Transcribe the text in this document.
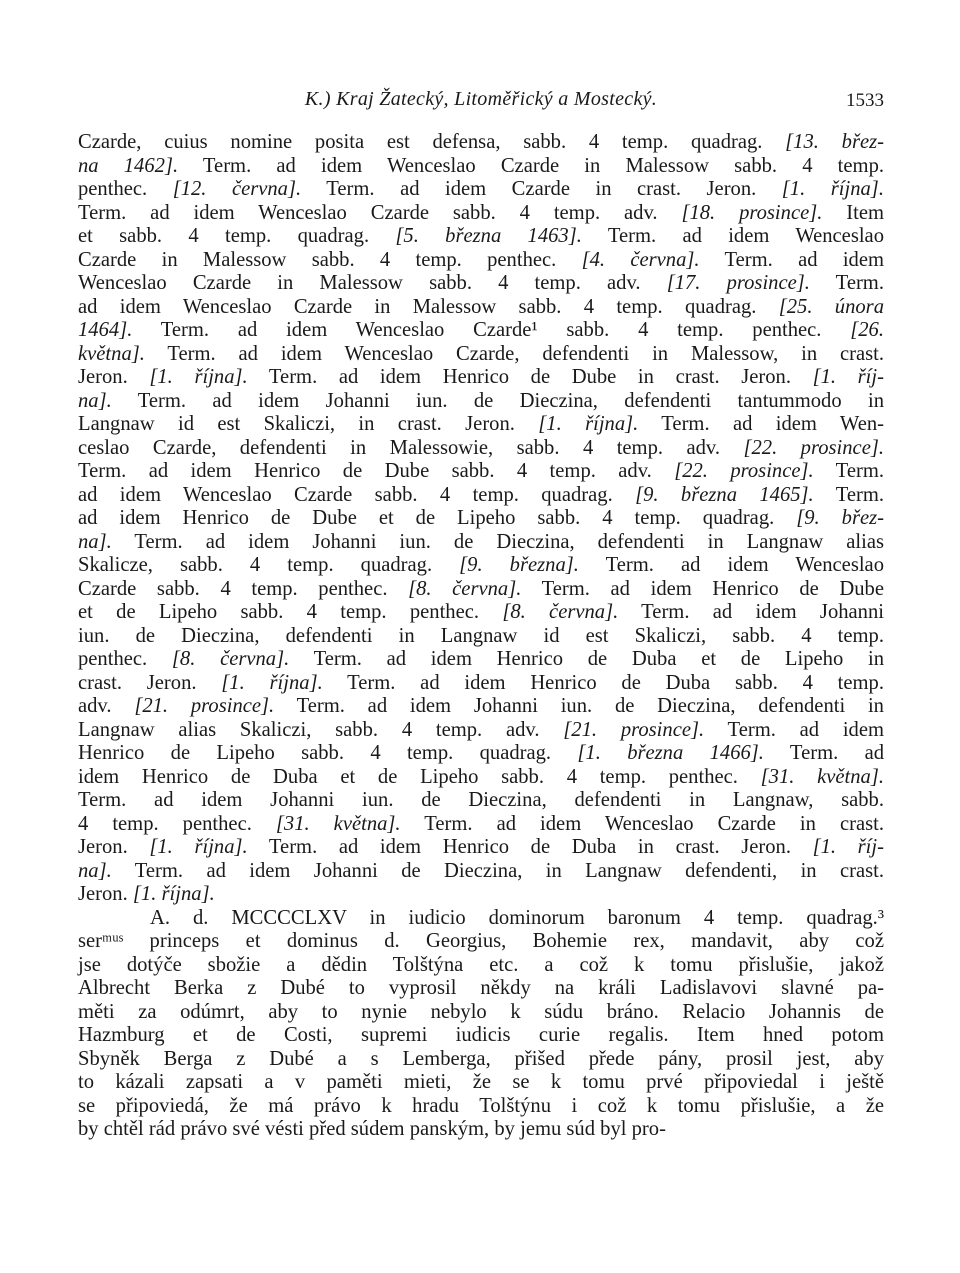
K.) Kraj Žatecký, Litoměřický a Mostecký.	1533
Czarde, cuius nomine posita est defensa, sabb. 4 temp. quadrag. [13. břez-
na 1462]. Term. ad idem Wenceslao Czarde in Malessow sabb. 4 temp.
penthec. [12. června]. Term. ad idem Czarde in crast. Jeron. [1. října].
Term. ad idem Wenceslao Czarde sabb. 4 temp. adv. [18. prosince]. Item
et sabb. 4 temp. quadrag. [5. března 1463]. Term. ad idem Wenceslao
Czarde in Malessow sabb. 4 temp. penthec. [4. června]. Term. ad idem
Wenceslao Czarde in Malessow sabb. 4 temp. adv. [17. prosince]. Term.
ad idem Wenceslao Czarde in Malessow sabb. 4 temp. quadrag. [25. února
1464]. Term. ad idem Wenceslao Czarde¹ sabb. 4 temp. penthec. [26.
května]. Term. ad idem Wenceslao Czarde, defendenti in Malessow, in crast.
Jeron. [1. října]. Term. ad idem Henrico de Dube in crast. Jeron. [1. říj-
na]. Term. ad idem Johanni iun. de Dieczina, defendenti tantummodo in
Langnaw id est Skaliczi, in crast. Jeron. [1. října]. Term. ad idem Wen-
ceslao Czarde, defendenti in Malessowie, sabb. 4 temp. adv. [22. prosince].
Term. ad idem Henrico de Dube sabb. 4 temp. adv. [22. prosince]. Term.
ad idem Wenceslao Czarde sabb. 4 temp. quadrag. [9. března 1465]. Term.
ad idem Henrico de Dube et de Lipeho sabb. 4 temp. quadrag. [9. břez-
na]. Term. ad idem Johanni iun. de Dieczina, defendenti in Langnaw alias
Skalicze, sabb. 4 temp. quadrag. [9. března]. Term. ad idem Wenceslao
Czarde sabb. 4 temp. penthec. [8. června]. Term. ad idem Henrico de Dube
et de Lipeho sabb. 4 temp. penthec. [8. června]. Term. ad idem Johanni
iun. de Dieczina, defendenti in Langnaw id est Skaliczi, sabb. 4 temp.
penthec. [8. června]. Term. ad idem Henrico de Duba et de Lipeho in
crast. Jeron. [1. října]. Term. ad idem Henrico de Duba sabb. 4 temp.
adv. [21. prosince]. Term. ad idem Johanni iun. de Dieczina, defendenti in
Langnaw alias Skaliczi, sabb. 4 temp. adv. [21. prosince]. Term. ad idem
Henrico de Lipeho sabb. 4 temp. quadrag. [1. března 1466]. Term. ad
idem Henrico de Duba et de Lipeho sabb. 4 temp. penthec. [31. května].
Term. ad idem Johanni iun. de Dieczina, defendenti in Langnaw, sabb.
4 temp. penthec. [31. května]. Term. ad idem Wenceslao Czarde in crast.
Jeron. [1. října]. Term. ad idem Henrico de Duba in crast. Jeron. [1. říj-
na]. Term. ad idem Johanni de Dieczina, in Langnaw defendenti, in crast.
Jeron. [1. října].
A. d. MCCCCLXV in iudicio dominorum baronum 4 temp. quadrag.³
serᵐᵘˢ princeps et dominus d. Georgius, Bohemie rex, mandavit, aby což
jse dotýče sbožie a dědin Tolštýna etc. a což k tomu přislušie, jakož
Albrecht Berka z Dubé to vyprosil někdy na králi Ladislavovi slavné pa-
měti za odúmrt, aby to nynie nebylo k súdu bráno. Relacio Johannis de
Hazmburg et de Costi, supremi iudicis curie regalis. Item hned potom
Sbyněk Berga z Dubé a s Lemberga, přišed přede pány, prosil jest, aby
to kázali zapsati a v paměti mieti, že se k tomu prvé připoviedal i ještě
se připoviedá, že má právo k hradu Tolštýnu i což k tomu přislušie, a že
by chtěl rád právo své vésti před súdem panským, by jemu súd byl pro-
